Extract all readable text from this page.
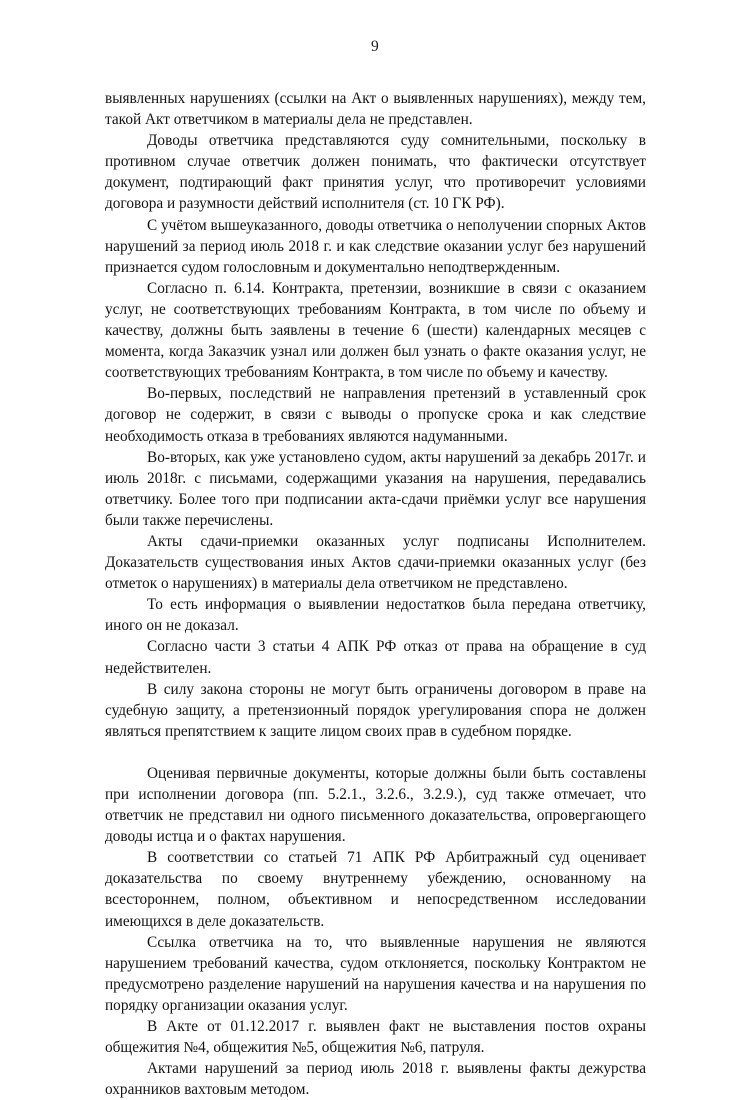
9

выявленных нарушениях (ссылки на Акт о выявленных нарушениях), между тем, такой Акт ответчиком в материалы дела не представлен.

Доводы ответчика представляются суду сомнительными, поскольку в противном случае ответчик должен понимать, что фактически отсутствует документ, подтирающий факт принятия услуг, что противоречит условиями договора и разумности действий исполнителя (ст. 10 ГК РФ).

С учётом вышеуказанного, доводы ответчика о неполучении спорных Актов нарушений за период июль 2018 г. и как следствие оказании услуг без нарушений признается судом голословным и документально неподтвержденным.

Согласно п. 6.14. Контракта, претензии, возникшие в связи с оказанием услуг, не соответствующих требованиям Контракта, в том числе по объему и качеству, должны быть заявлены в течение 6 (шести) календарных месяцев с момента, когда Заказчик узнал или должен был узнать о факте оказания услуг, не соответствующих требованиям Контракта, в том числе по объему и качеству.

Во-первых, последствий не направления претензий в уставленный срок договор не содержит, в связи с выводы о пропуске срока и как следствие необходимость отказа в требованиях являются надуманными.

Во-вторых, как уже установлено судом, акты нарушений за декабрь 2017г. и июль 2018г. с письмами, содержащими указания на нарушения, передавались ответчику. Более того при подписании акта-сдачи приёмки услуг все нарушения были также перечислены.

Акты сдачи-приемки оказанных услуг подписаны Исполнителем. Доказательств существования иных Актов сдачи-приемки оказанных услуг (без отметок о нарушениях) в материалы дела ответчиком не представлено.

То есть информация о выявлении недостатков была передана ответчику, иного он не доказал.

Согласно части 3 статьи 4 АПК РФ отказ от права на обращение в суд недействителен.

В силу закона стороны не могут быть ограничены договором в праве на судебную защиту, а претензионный порядок урегулирования спора не должен являться препятствием к защите лицом своих прав в судебном порядке.

Оценивая первичные документы, которые должны были быть составлены при исполнении договора (пп. 5.2.1., 3.2.6., 3.2.9.), суд также отмечает, что ответчик не представил ни одного письменного доказательства, опровергающего доводы истца и о фактах нарушения.

В соответствии со статьей 71 АПК РФ Арбитражный суд оценивает доказательства по своему внутреннему убеждению, основанному на всестороннем, полном, объективном и непосредственном исследовании имеющихся в деле доказательств.

Ссылка ответчика на то, что выявленные нарушения не являются нарушением требований качества, судом отклоняется, поскольку Контрактом не предусмотрено разделение нарушений на нарушения качества и на нарушения по порядку организации оказания услуг.

В Акте от 01.12.2017 г. выявлен факт не выставления постов охраны общежития №4, общежития №5, общежития №6, патруля.

Актами нарушений за период июль 2018 г. выявлены факты дежурства охранников вахтовым методом.
